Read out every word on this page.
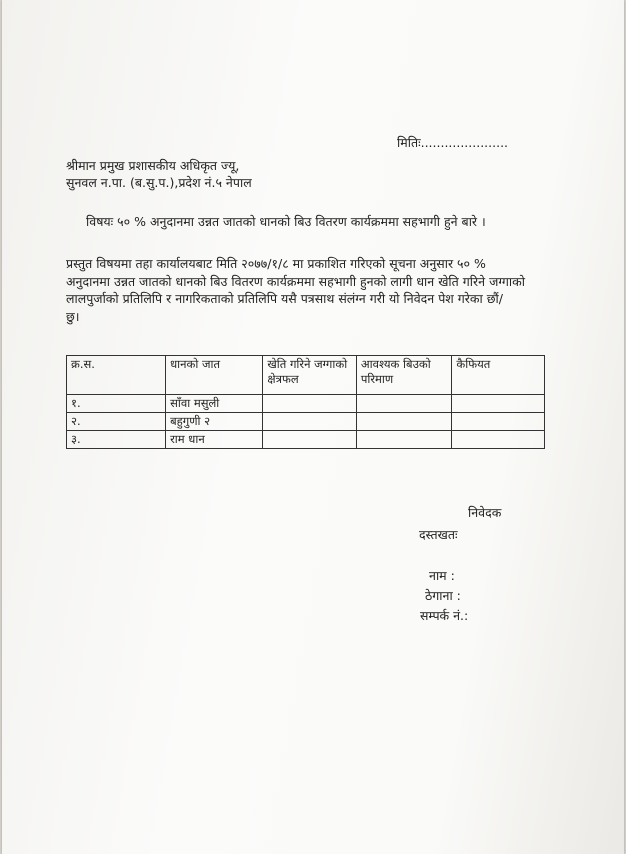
मितिः......................
श्रीमान प्रमुख प्रशासकीय अधिकृत ज्यू,
सुनवल न.पा. (ब.सु.प.),प्रदेश नं.५ नेपाल
विषयः ५० % अनुदानमा उन्नत जातको धानको बिउ वितरण कार्यक्रममा सहभागी हुने बारे ।
प्रस्तुत विषयमा तहा कार्यालयबाट मिति २०७७/१/८ मा प्रकाशित गरिएको सूचना अनुसार ५० %
अनुदानमा उन्नत जातको धानको बिउ वितरण कार्यक्रममा सहभागी हुनको लागी धान खेति गरिने जग्गाको
लालपुर्जाको प्रतिलिपि र नागरिकताको प्रतिलिपि यसै पत्रसाथ संलंग्न गरी यो निवेदन पेश गरेका छौं/
छु।
क्र.स.	धानको जात	खेति गरिने जग्गाको क्षेत्रफल	आवश्यक बिउको परिमाण	कैफियत
१.	साँवा मसुली			
२.	बहुगुणी २			
३.	राम धान			
निवेदक
दस्तखतः
नाम :
ठेगाना :
सम्पर्क नं.:
